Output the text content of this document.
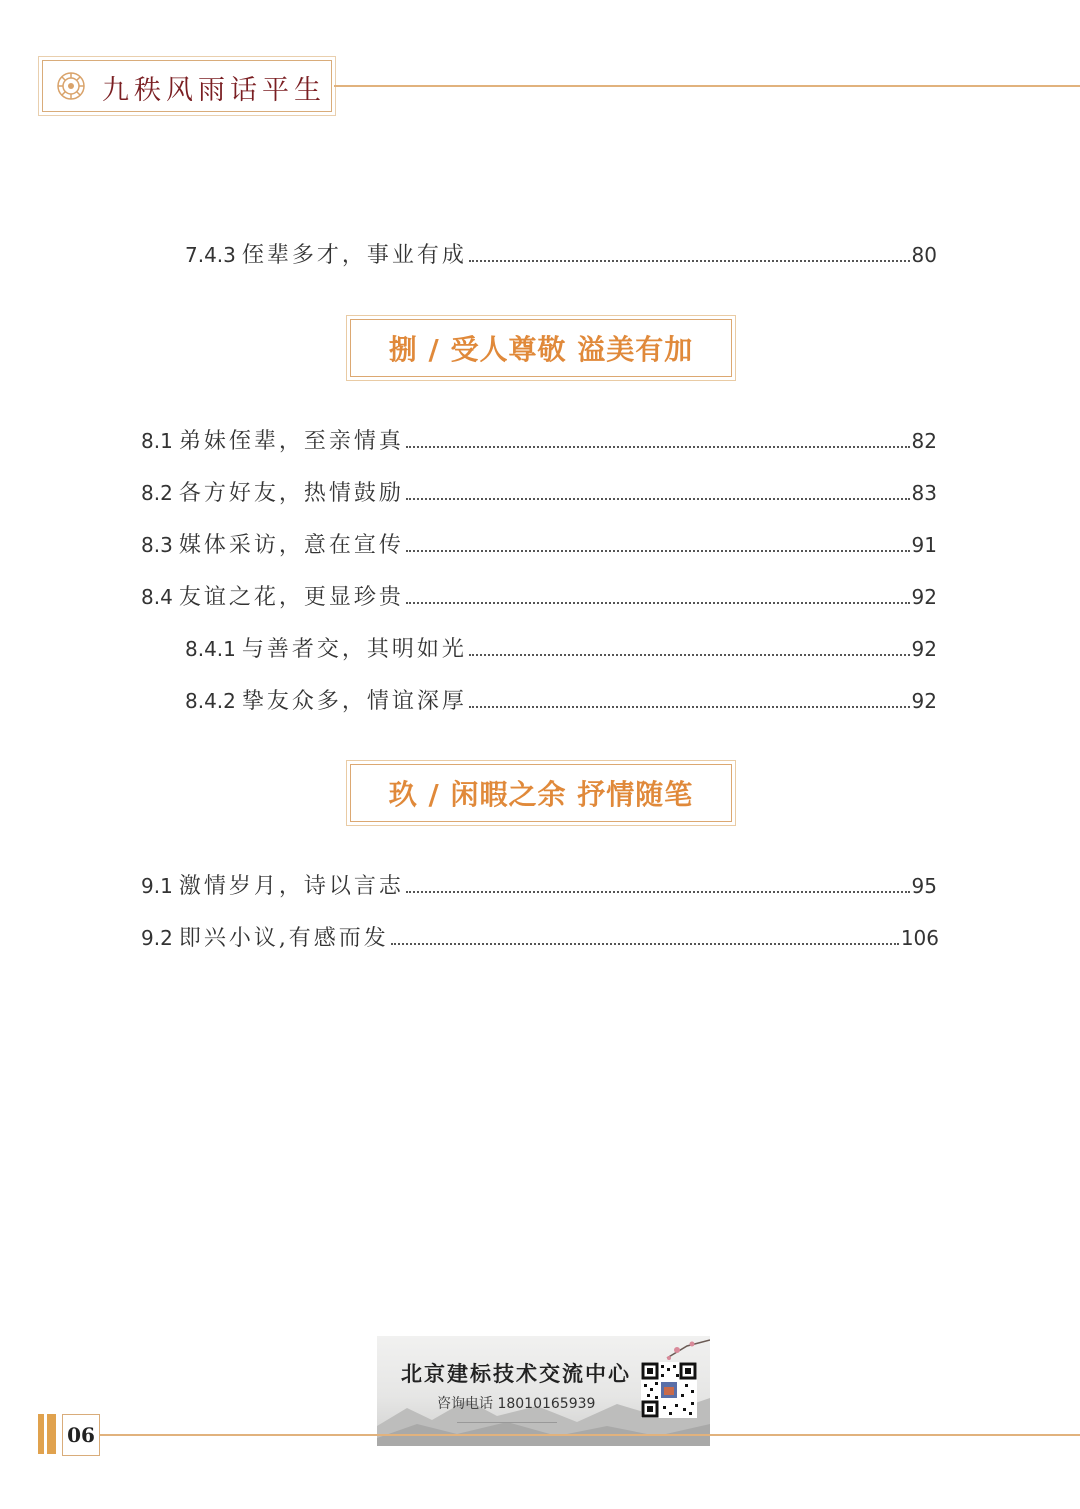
九秩风雨话平生
7.4.3 侄辈多才，事业有成	80
捌 / 受人尊敬 溢美有加
8.1 弟妹侄辈，至亲情真	82
8.2 各方好友，热情鼓励	83
8.3 媒体采访，意在宣传	91
8.4 友谊之花，更显珍贵	92
8.4.1 与善者交，其明如光	92
8.4.2 挚友众多，情谊深厚	92
玖 / 闲暇之余 抒情随笔
9.1 激情岁月，诗以言志	95
9.2 即兴小议,有感而发	106
北京建标技术交流中心
咨询电话 18010165939
06
